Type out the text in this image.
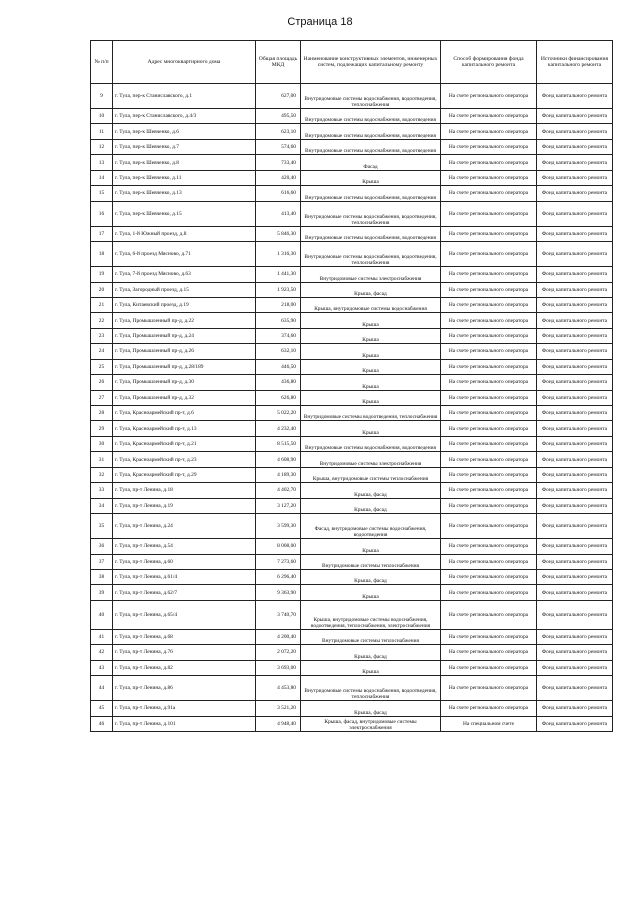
Страница 18
№ п/п	Адрес многоквартирного дома	Общая площадь МКД	Наименование конструктивных элементов, инженерных систем, подлежащих капитальному ремонту	Способ формирования фонда капитального ремонта	Источники финансирования капитального ремонта
9	г. Тула, пер-к Станиславского, д.1	627,00	Внутридомовые системы водоснабжения, водоотведения, теплоснабжения	На счете регионального оператора	Фонд капитального ремонта
10	г. Тула, пер-к Станиславского, д.4/3	495,50	Внутридомовые системы водоснабжения, водоотведения	На счете регионального оператора	Фонд капитального ремонта
11	г. Тула, пер-к Шевченко, д.6	623,10	Внутридомовые системы водоснабжения, водоотведения	На счете регионального оператора	Фонд капитального ремонта
12	г. Тула, пер-к Шевченко, д.7	574,60	Внутридомовые системы водоснабжения, водоотведения	На счете регионального оператора	Фонд капитального ремонта
13	г. Тула, пер-к Шевченко, д.8	733,40	Фасад	На счете регионального оператора	Фонд капитального ремонта
14	г. Тула, пер-к Шевченко, д.11	420,40	Крыша	На счете регионального оператора	Фонд капитального ремонта
15	г. Тула, пер-к Шевченко, д.13	616,60	Внутридомовые системы водоснабжения, водоотведения	На счете регионального оператора	Фонд капитального ремонта
16	г. Тула, пер-к Шевченко, д.15	413,40	Внутридомовые системы водоснабжения, водоотведения, теплоснабжения	На счете регионального оператора	Фонд капитального ремонта
17	г. Тула, 1-й Южный проезд, д.8	5 846,30	Внутридомовые системы водоснабжения, водоотведения	На счете регионального оператора	Фонд капитального ремонта
18	г. Тула, 6-й проезд Мясново, д.71	1 316,30	Внутридомовые системы водоснабжения, водоотведения, теплоснабжения	На счете регионального оператора	Фонд капитального ремонта
19	г. Тула, 7-й проезд Мясново, д.63	1 441,30	Внутридомовые системы электроснабжения	На счете регионального оператора	Фонд капитального ремонта
20	г. Тула, Загородный проезд, д.15	1 923,50	Крыша, фасад	На счете регионального оператора	Фонд капитального ремонта
21	г. Тула, Китаевский проезд, д.19	218,00	Крыша, внутридомовые системы водоснабжения	На счете регионального оператора	Фонд капитального ремонта
22	г. Тула, Промышленный пр-д, д.22	635,90	Крыша	На счете регионального оператора	Фонд капитального ремонта
23	г. Тула, Промышленный пр-д, д.24	374,60	Крыша	На счете регионального оператора	Фонд капитального ремонта
24	г. Тула, Промышленный пр-д, д.26	632,10	Крыша	На счете регионального оператора	Фонд капитального ремонта
25	г. Тула, Промышленный пр-д, д.28/189	446,50	Крыша	На счете регионального оператора	Фонд капитального ремонта
26	г. Тула, Промышленный пр-д, д.30	436,80	Крыша	На счете регионального оператора	Фонд капитального ремонта
27	г. Тула, Промышленный пр-д, д.32	626,80	Крыша	На счете регионального оператора	Фонд капитального ремонта
28	г. Тула, Красноармейский пр-т, д.6	5 022,20	Внутридомовые системы водоотведения, теплоснабжения	На счете регионального оператора	Фонд капитального ремонта
29	г. Тула, Красноармейский пр-т, д.13	4 232,40	Крыша	На счете регионального оператора	Фонд капитального ремонта
30	г. Тула, Красноармейский пр-т, д.21	8 515,50	Внутридомовые системы водоснабжения, водоотведения	На счете регионального оператора	Фонд капитального ремонта
31	г. Тула, Красноармейский пр-т, д.23	4 608,90	Внутридомовые системы электроснабжения	На счете регионального оператора	Фонд капитального ремонта
32	г. Тула, Красноармейский пр-т, д.29	4 189,30	Крыша, внутридомовые системы теплоснабжения	На счете регионального оператора	Фонд капитального ремонта
33	г. Тула, пр-т Ленина, д.18	4 402,70	Крыша, фасад	На счете регионального оператора	Фонд капитального ремонта
34	г. Тула, пр-т Ленина, д.19	3 127,20	Крыша, фасад	На счете регионального оператора	Фонд капитального ремонта
35	г. Тула, пр-т Ленина, д.24	3 599,30	Фасад, внутридомовые системы водоснабжения, водоотведения	На счете регионального оператора	Фонд капитального ремонта
36	г. Тула, пр-т Ленина, д.54	8 008,00	Крыша	На счете регионального оператора	Фонд капитального ремонта
37	г. Тула, пр-т Ленина, д.60	7 273,60	Внутридомовые системы теплоснабжения	На счете регионального оператора	Фонд капитального ремонта
38	г. Тула, пр-т Ленина, д.61/4	6 296,40	Крыша, фасад	На счете регионального оператора	Фонд капитального ремонта
39	г. Тула, пр-т Ленина, д.62/7	9 363,90	Крыша	На счете регионального оператора	Фонд капитального ремонта
40	г. Тула, пр-т Ленина, д.65/4	3 740,70	Крыша, внутридомовые системы водоснабжения, водоотведения, теплоснабжения, электроснабжения	На счете регионального оператора	Фонд капитального ремонта
41	г. Тула, пр-т Ленина, д.68	4 200,40	Внутридомовые системы теплоснабжения	На счете регионального оператора	Фонд капитального ремонта
42	г. Тула, пр-т Ленина, д.76	2 072,20	Крыша, фасад	На счете регионального оператора	Фонд капитального ремонта
43	г. Тула, пр-т Ленина, д.82	3 693,00	Крыша	На счете регионального оператора	Фонд капитального ремонта
44	г. Тула, пр-т Ленина, д.86	4 453,80	Внутридомовые системы водоснабжения, водоотведения, теплоснабжения	На счете регионального оператора	Фонд капитального ремонта
45	г. Тула, пр-т Ленина, д.91а	3 521,20	Крыша, фасад	На счете регионального оператора	Фонд капитального ремонта
46	г. Тула, пр-т Ленина, д.101	4 948,40	Крыша, фасад, внутридомовые системы электроснабжения	На специальном счете	Фонд капитального ремонта
